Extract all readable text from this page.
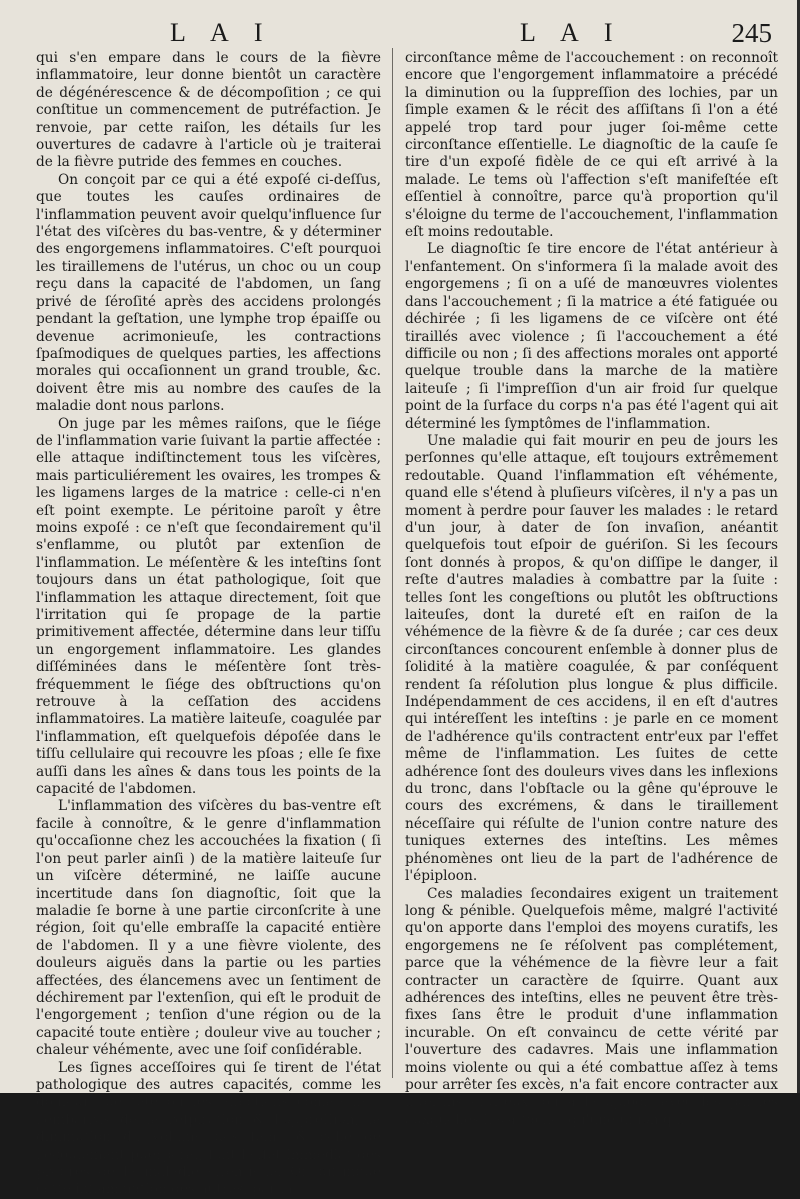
L A I	L A I	245

qui s'en empare dans le cours de la fièvre inflammatoire, leur donne bientôt un caractère de dégénérescence & de décompoſition ; ce qui conſtitue un commencement de putréfaction. Je renvoie, par cette raiſon, les détails ſur les ouvertures de cadavre à l'article où je traiterai de la fièvre putride des femmes en couches.

On conçoit par ce qui a été expoſé ci-deſſus, que toutes les cauſes ordinaires de l'inflammation peuvent avoir quelqu'influence ſur l'état des viſcères du bas-ventre, & y déterminer des engorgemens inflammatoires. C'eſt pourquoi les tiraillemens de l'utérus, un choc ou un coup reçu dans la capacité de l'abdomen, un ſang privé de ſéroſité après des accidens prolongés pendant la geſtation, une lymphe trop épaiſſe ou devenue acrimonieuſe, les contractions ſpaſmodiques de quelques parties, les affections morales qui occaſionnent un grand trouble, &c. doivent être mis au nombre des cauſes de la maladie dont nous parlons.

On juge par les mêmes raiſons, que le ſiége de l'inflammation varie ſuivant la partie affectée : elle attaque indiſtinctement tous les viſcères, mais particuliérement les ovaires, les trompes & les ligamens larges de la matrice : celle-ci n'en eſt point exempte. Le péritoine paroît y être moins expoſé : ce n'eſt que ſecondairement qu'il s'enflamme, ou plutôt par extenſion de l'inflammation. Le méſentère & les inteſtins ſont toujours dans un état pathologique, ſoit que l'inflammation les attaque directement, ſoit que l'irritation qui ſe propage de la partie primitivement affectée, détermine dans leur tiſſu un engorgement inflammatoire. Les glandes diſſéminées dans le méſentère ſont très-fréquemment le ſiége des obſtructions qu'on retrouve à la ceſſation des accidens inflammatoires. La matière laiteuſe, coagulée par l'inflammation, eſt quelquefois dépoſée dans le tiſſu cellulaire qui recouvre les pſoas ; elle ſe fixe auſſi dans les aînes & dans tous les points de la capacité de l'abdomen.

L'inflammation des viſcères du bas-ventre eſt facile à connoître, & le genre d'inflammation qu'occaſionne chez les accouchées la fixation ( ſi l'on peut parler ainſi ) de la matière laiteuſe ſur un viſcère déterminé, ne laiſſe aucune incertitude dans ſon diagnoſtic, ſoit que la maladie ſe borne à une partie circonſcrite à une région, ſoit qu'elle embraſſe la capacité entière de l'abdomen. Il y a une fièvre violente, des douleurs aiguës dans la partie ou les parties affectées, des élancemens avec un ſentiment de déchirement par l'extenſion, qui eſt le produit de l'engorgement ; tenſion d'une région ou de la capacité toute entière ; douleur vive au toucher ; chaleur véhémente, avec une ſoif conſidérable.

Les ſignes acceſſoires qui ſe tirent de l'état pathologique des autres capacités, comme les douleurs de tête ou les affections comateuſes, l'embarras de la reſpiration & l'oppreſſion, la diminution du volume des ſeins & celle de l'écoulement puerpéral, ſont l'effet immédiat des progrès de la maladie eſſentielle. On diſtingue cette inflammation des autres, par la

circonſtance même de l'accouchement : on reconnoît encore que l'engorgement inflammatoire a précédé la diminution ou la ſuppreſſion des lochies, par un ſimple examen & le récit des aſſiſtans ſi l'on a été appelé trop tard pour juger ſoi-même cette circonſtance eſſentielle. Le diagnoſtic de la cauſe ſe tire d'un expoſé fidèle de ce qui eſt arrivé à la malade. Le tems où l'affection s'eſt manifeſtée eſt eſſentiel à connoître, parce qu'à proportion qu'il s'éloigne du terme de l'accouchement, l'inflammation eſt moins redoutable.

Le diagnoſtic ſe tire encore de l'état antérieur à l'enfantement. On s'informera ſi la malade avoit des engorgemens ; ſi on a uſé de manœuvres violentes dans l'accouchement ; ſi la matrice a été fatiguée ou déchirée ; ſi les ligamens de ce viſcère ont été tiraillés avec violence ; ſi l'accouchement a été difficile ou non ; ſi des affections morales ont apporté quelque trouble dans la marche de la matière laiteuſe ; ſi l'impreſſion d'un air froid ſur quelque point de la ſurface du corps n'a pas été l'agent qui ait déterminé les ſymptômes de l'inflammation.

Une maladie qui fait mourir en peu de jours les perſonnes qu'elle attaque, eſt toujours extrêmement redoutable. Quand l'inflammation eſt véhémente, quand elle s'étend à pluſieurs viſcères, il n'y a pas un moment à perdre pour ſauver les malades : le retard d'un jour, à dater de ſon invaſion, anéantit quelquefois tout eſpoir de guériſon. Si les ſecours ſont donnés à propos, & qu'on diſſipe le danger, il reſte d'autres maladies à combattre par la ſuite : telles ſont les congeſtions ou plutôt les obſtructions laiteuſes, dont la dureté eſt en raiſon de la véhémence de la fièvre & de ſa durée ; car ces deux circonſtances concourent enſemble à donner plus de ſolidité à la matière coagulée, & par conſéquent rendent ſa réſolution plus longue & plus difficile. Indépendamment de ces accidens, il en eſt d'autres qui intéreſſent les inteſtins : je parle en ce moment de l'adhérence qu'ils contractent entr'eux par l'effet même de l'inflammation. Les ſuites de cette adhérence ſont des douleurs vives dans les inflexions du tronc, dans l'obſtacle ou la gêne qu'éprouve le cours des excrémens, & dans le tiraillement néceſſaire qui réſulte de l'union contre nature des tuniques externes des inteſtins. Les mêmes phénomènes ont lieu de la part de l'adhérence de l'épiploon.

Ces maladies ſecondaires exigent un traitement long & pénible. Quelquefois même, malgré l'activité qu'on apporte dans l'emploi des moyens curatifs, les engorgemens ne ſe réſolvent pas complétement, parce que la véhémence de la fièvre leur a fait contracter un caractère de ſquirre. Quant aux adhérences des inteſtins, elles ne peuvent être très-fixes ſans être le produit d'une inflammation incurable. On eſt convaincu de cette vérité par l'ouverture des cadavres. Mais une inflammation moins violente ou qui a été combattue aſſez à tems pour arrêter ſes excès, n'a fait encore contracter aux inteſtins entr'eux, ou à l'épiploon avec les parties auxquelles il s'attache, qu'une union qui
